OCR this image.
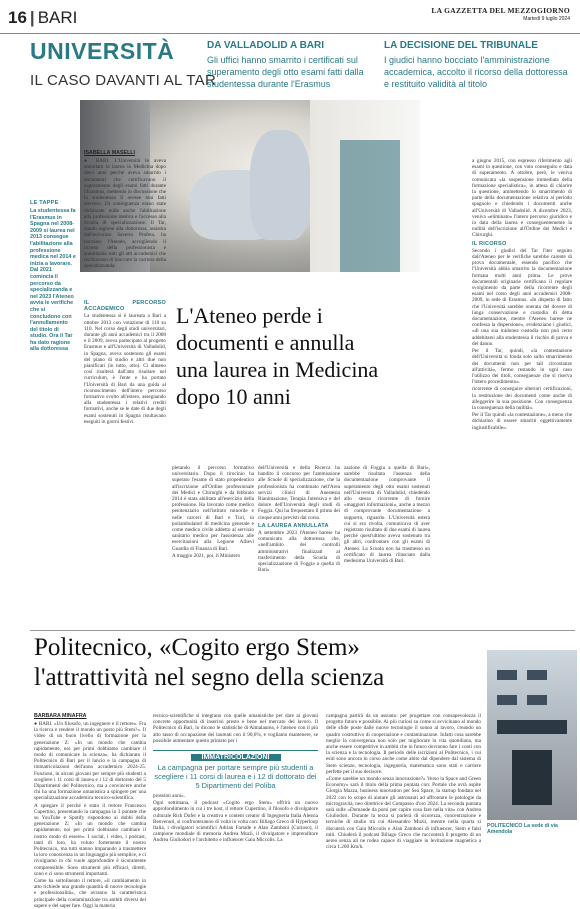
16 | BARI	LA GAZZETTA DEL MEZZOGIORNO
Martedì 9 luglio 2024
UNIVERSITÀ
IL CASO DAVANTI AL TAR
DA VALLADOLID A BARI
Gli uffici hanno smarrito i certificati sul superamento degli otto esami fatti dalla studentessa durante l'Erasmus
LA DECISIONE DEL TRIBUNALE
I giudici hanno bocciato l'amministrazione accademica, accolto il ricorso della dottoressa e restituito validità al titolo
LE TAPPE
La studentessa fa l'Erasmus in Spagna nel 2008-2009 si laurea nel 2013 consegue l'abilitazione alla professione medica nel 2014 e inizia a lavorare. Dal 2021 comincia il percorso da specializzanda e nel 2023 l'Ateneo avvia le verifiche che si concludono con l'annullamento del titolo di studio. Ora il Tar ha dato ragione alla dottoressa
ISABELLA MASELLI

● BARI. L'Università le aveva annullato la laurea in Medicina dopo dieci anni perché aveva smarrito i documenti che certificavano il superamento degli esami fatti durante l'Erasmus, mettendo in discussione che la studentessa li avesse mai fatti davvero. Di conseguenza erano state dichiarate nulle anche l'abilitazione alla professione medica e l'accesso alla Scuola di specializzazione. Il Tar, dando ragione alla dottoressa, assistita dall'avvocato Saverio Profeta, ha bocciato l'Ateneo, accogliendo il ricorso della professionista e annullando tutti gli atti accademici che rischiavano di bloccare la carriera della specializzanda.

IL PERCORSO ACCADEMICO

La studentessa si è laureata a Bari a ottobre 2013 con votazione di 110 su 110. Nel corso degli studi universitari, durante gli anni accademici tra il 2008 e il 2009, aveva partecipato al progetto Erasmus e all'Università di Valladolid, in Spagna, aveva sostenuto gli esami del piano di studio e altri due non pianificati (in tutto, otto). Ci almeno così risulterà dall'atto risultare nel curriculum, è l'ente e ha portato l'Università di Bari da una guida al riconoscimento dell'intero percorso formativo svolto all'estero, assegnando alla studentessa i relativi crediti formativi, anche se le date di due degli esami sostenuti in Spagna risultavano eseguiti in giorni festivi.

L'Ateneo perde i documenti e annulla una laurea in Medicina dopo 10 anni

pletando il percorso formativo universitario. Dopo il tirocinio ha superato l'esame di stato propedeutico all'iscrizione all'Ordine professionale dei Medici e Chirurghi e da febbraio 2014 è stata abilitata all'esercizio della professione. Ha lavorato come medico penitenziario nell'istituto minorile e nelle carceri di Bari e Turi, in poliambulatori di medicina generale e come medico civile addetto al servizio sanitario medico per l'assistenza alle esercitazioni alla Legione Allievi Guardia di Finanza di Bari.

A maggio 2021, poi, il Ministero

dell'Università e della Ricerca ha bandito il concorso per l'ammissione alle Scuole di specializzazione, che la professionista ha combinato nell'Area servizi clinici di Anestesia Rianimazione, Terapia Intensiva e del dolore dell'Università degli studi di Foggia. Qui ha frequentato il primo dei cinque anni previsti dal corso.

LA LAUREA ANNULLATA

A settembre 2023 l'Ateneo barese ha comunicato alla dottoressa che, «nell'ambito dei controlli amministrativi finalizzati al trasferimento della Scuola di specializzazione di Foggia a quella di Bari»

zazione di Foggia a quella di Bari», sarebbe risultata l'assenza della documentazione comprovante il superamento degli otto esami sostenuti nell'Università di Valladolid, chiedendo allo stesso ricorrente di fornire «maggiori informazioni», anche a mezzo di comprovante documentazione a supporto, riguardo. L'Università estera cui si era rivolta, comunicava di aver registrato risultato di due esami di laurea perché quest'ultimo aveva sostenuto tra gli altri, confrontare con gli esami di Ateneo. La Scuola non ha trasmesso un certificato di laurea rilasciato dalla medesima Università di Bari.

a giugno 2015, con espresso riferimento agli esami in questione, con voto conseguito e data di superamento. A ottobre, però, le veniva comunicata «la sospensione immediata della formazione specialistica», in attesa di chiarire la questione, ammettendo lo smarrimento di parte della documentazione relativa al periodo spagnolo e chiedendo i documenti anche all'Università di Valladolid. A dicembre 2023, veniva «eliminato» l'intero percorso giuridico e in data della laurea e conseguentemente la nullità dell'iscrizione all'Ordine dei Medici e Chirurghi.

IL RICORSO

Secondo i giudici del Tar l'iter seguito dall'Ateneo per le verifiche sarebbe carente di prova documentale, essendo pacifico che l'Università abbia smarrito la documentazione formata molti anni prima. Le prove documentali originarie certificano il regolare svolgimento da parte della ricorrente degli esami nel corso degli anni accademici 2008-2009, in sede di Erasmus. «In dispetto di fatto che l'Università sarebbe onerata del dovere di lunga conservazione e custodia di detta documentazione, mentre l'Ateneo barese ne confessa la dispersione», evidenziano i giudici, «di una sua inidonea custodia non può certo addebitarsi alla studentessa il rischio di prova e del danno.

Per il Tar, quindi, «la contestazione dell'Università si fonda solo sullo smarrimento dei documenti non per tali circostanze all'attività», fermo restando in ogni caso l'utilizzo dei titoli, conseguenze che si riserva l'intero procedimento».

ricorrente di conseguire ulteriori certificazioni, la restituzione dei documenti come anche di alleggerire la sua posizione. Con conseguenza la conseguenza della nullità».

Per il Tar quindi «la contestazione», a meno che dichiarino di essere smarriti oggettivamente ingiustificabile».

Politecnico, «Cogito ergo Stem»
l'attrattività nel segno della scienza
BARBARA MINAFRA

● BARI. «Un filosofo, un ingegnere e il rettore». Fra la ricerca e rendere il mondo un posto più Stem?». Il video di un buon livello di formazione per la generazione Z: «In un mondo che cambia rapidamente, noi per primi dobbiamo cambiare il modo di comunicare la scienza», ha dichiarato il Politecnico di Bari per il lancio e la campagna di immatricolazioni dell'anno accademico 2024-25. Funzioni, in alcuni giovani per sempre più studenti a scegliere i 11 corsi di laurea e i 12 di dottorato del 5 Dipartimenti del Politecnico, ma a convincere anche chi ha una formazione umanistica a spingere per una specializzazione accademica tecnico-scientifica.

A spiegare il perché è stato il rettore Francesco Cupertino, presentando la campagna in 3 puntate che su YouTube e Spotify rispondono ai dubbi della generazione Z: «In un mondo che cambia rapidamente, noi per primi dobbiamo cambiare il nostro modo di essere». I social, i video, i podcast, tanti di loro, ha voluto fortemente il nostro Politecnico, ma tutti stanno imparando a trasmettere la loro conoscenza in un linguaggio più semplice, e ci rivolgiamo in chi vuole approfondire è sicuramente comprensibile. Sono strumenti più efficaci, diretti, sono e ci sono strumenti importanti.

Come ha sottolineato il rettore, «il cambiamento in atto richiede una grande quantità di nuove tecnologie e professionalità», che avranno la caratteristica principale della contaminazione tra ambiti diversi del sapere e del saper fare. Oggi la materia

tecnico-scientifiche si integrano con quelle umanistiche per dare ai giovani concrete opportunità di inserirsi presto e bene nel mercato del lavoro. Il Politecnico di Bari, lo dicono le statistiche di Almalaurea, è l'ateneo con il più alto tasso di occupazione dei laureati con il 90,6%, e vogliamo mantenere, se possibile aumentare questo primato per i

IMMATRICOLAZIONI
La campagna per portare sempre più studenti a scegliere i 11 corsi di laurea e i 12 di dottorato dei 5 Dipartimenti del Poliba

prossimi anni».

Ogni settimana, il podcast «Cogito ergo Stem» offrirà un nuovo approfondimento in cui i tre host, il rettore Cupertino, il filosofo e divulgatore culturale Rick Dufer e la creativa e content creator di Ingegneria Italia Alessia Benvenuti, si confronteranno di volta in volta con: Biliago Greco di Hyperloop Italia, i divulgatori scientifici Adrian Fartade e Alan Zamboni (Curioso), il campione mondiale di memoria Andrea Muzii, il divulgatore e imprenditore Andrea Giuliodori e l'architetto e influencer Gaia Miccolis. La

campagna partirà da un assunto: per progettare con consapevolezza il progetto futuro e possibile. Ai più curiosi su come si avvicinano al mondo delle sfide poste dalle nuove tecnologie il sonno al lavoro, creando un quadro costruttivo di cooperazione e contaminazione. Infatti cosa sarebbe meglio la convergenza non solo per migliorare la vita quotidiana, ma anche essere competitive in ambiti che in futuro dovranno fare i conti con la scienza e la tecnologia. Il periodo delle iscrizioni al Politecnico, i cui esiti sono ancora in corso anche come abito dal dipendere dal sistema di Stem scienze, tecnologia, ingegneria, matematica sono stati e carriere perfette per il suo decisore.

«Come sarebbe un mondo senza innovazione?» Verso la Space and Green Economy» sarà il titolo della prima puntata con: Portale che avrà ospite Giorgia Mazza, business innovation per Sea Space, la startup fondata nel 2022 con lo scopo di aiutare gli astronauti ad affrontare le patologie da microgravità, neo direttrice del Compasso d'oro 2024. La seconda puntata sarà sulle «Domande da porsi per capire cosa fare nella vita» con Andrea Giuliodori. Durante la terza si parlerà di sicurezza, concentrazione e tecniche di studio tra cui Alessandro Muzii, mentre nella quarta si discuterà con Gaia Miccolis e Alan Zamboni di influencer, Stem e falsi miti. Chiuderà il podcast Biliago Greco che racconterà il progetto di un aereo senza ali ne rodea capace di viaggiare in levitazione magnetica a circa 1.200 Km/h.

POLITECNICO La sede di via Amendola
